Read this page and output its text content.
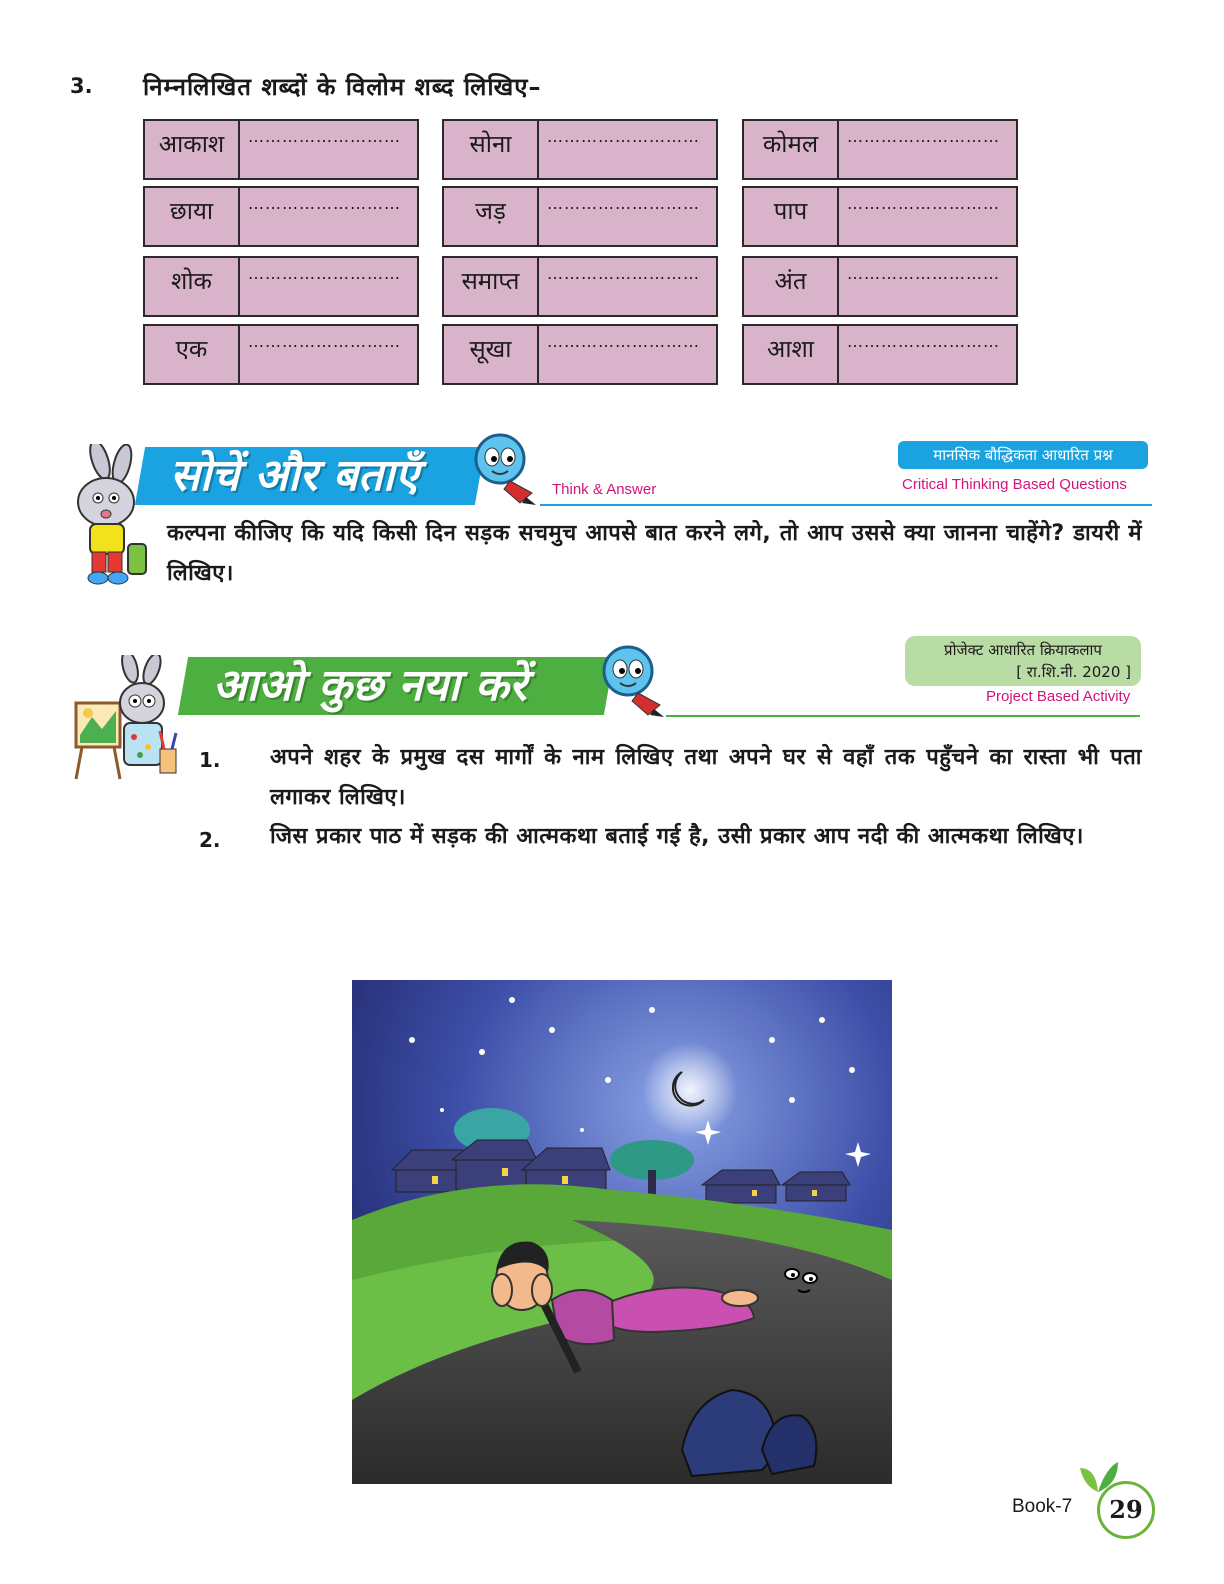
3. निम्नलिखित शब्दों के विलोम शब्द लिखिए–
आकाश	………………………	सोना	………………………	कोमल	………………………
छाया	………………………	जड़	………………………	पाप	………………………
शोक	………………………	समाप्त	………………………	अंत	………………………
एक	………………………	सूखा	………………………	आशा	………………………
सोचें और बताएँ	Think & Answer
मानसिक बौद्धिकता आधारित प्रश्न
Critical Thinking Based Questions
कल्पना कीजिए कि यदि किसी दिन सड़क सचमुच आपसे बात करने लगे, तो आप उससे क्या जानना चाहेंगे? डायरी में लिखिए।
आओ कुछ नया करें
प्रोजेक्ट आधारित क्रियाकलाप
[ रा.शि.नी. 2020 ]
Project Based Activity
1. अपने शहर के प्रमुख दस मार्गों के नाम लिखिए तथा अपने घर से वहाँ तक पहुँचने का रास्ता भी पता लगाकर लिखिए।
2. जिस प्रकार पाठ में सड़क की आत्मकथा बताई गई है, उसी प्रकार आप नदी की आत्मकथा लिखिए।
Book-7	29
